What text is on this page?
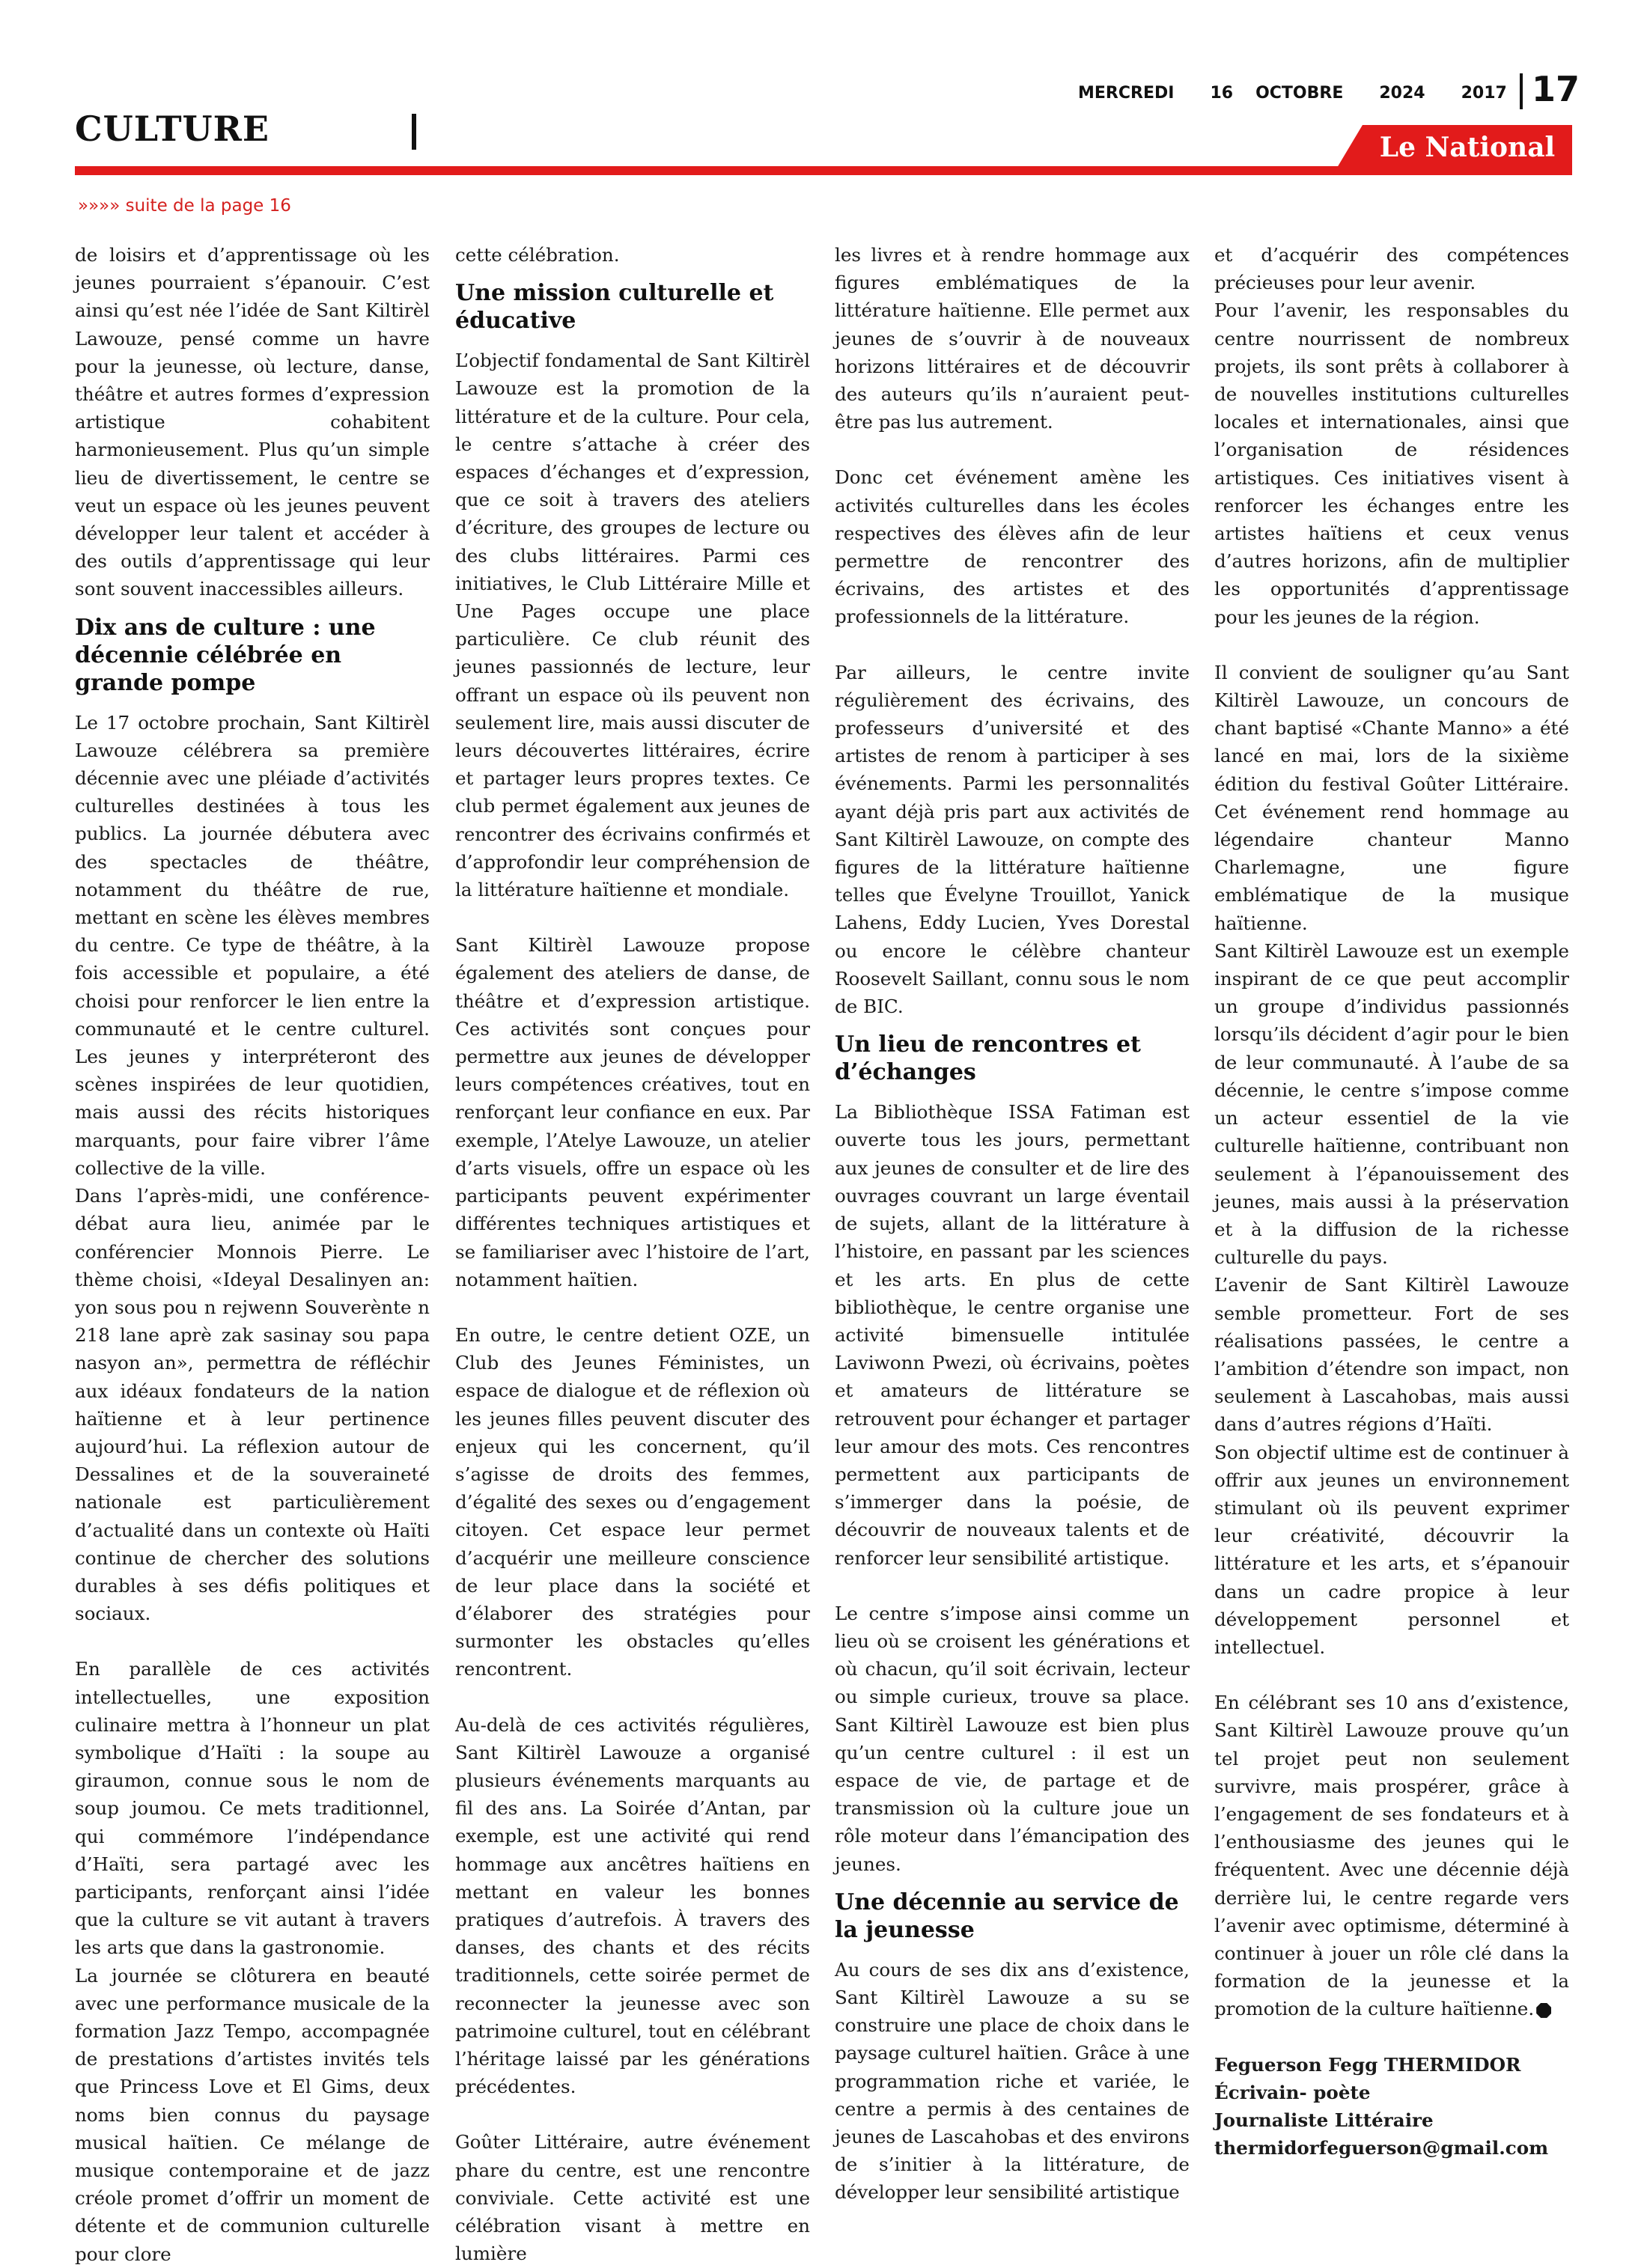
CULTURE
MERCREDI 16 OCTOBRE 2024 2017 17
Le National
»»»» suite de la page 16

de loisirs et d’apprentissage où les jeunes pourraient s’épanouir. C’est ainsi qu’est née l’idée de Sant Kiltirèl Lawouze, pensé comme un havre pour la jeunesse, où lecture, danse, théâtre et autres formes d’expression artistique cohabitent harmonieusement. Plus qu’un simple lieu de divertissement, le centre se veut un espace où les jeunes peuvent développer leur talent et accéder à des outils d’apprentissage qui leur sont souvent inaccessibles ailleurs.

Dix ans de culture : une décennie célébrée en grande pompe

Le 17 octobre prochain, Sant Kiltirèl Lawouze célébrera sa première décennie avec une pléiade d’activités culturelles destinées à tous les publics. La journée débutera avec des spectacles de théâtre, notamment du théâtre de rue, mettant en scène les élèves membres du centre. Ce type de théâtre, à la fois accessible et populaire, a été choisi pour renforcer le lien entre la communauté et le centre culturel. Les jeunes y interpréteront des scènes inspirées de leur quotidien, mais aussi des récits historiques marquants, pour faire vibrer l’âme collective de la ville.

Dans l’après-midi, une conférence-débat aura lieu, animée par le conférencier Monnois Pierre. Le thème choisi, «Ideyal Desalinyen an: yon sous pou n rejwenn Souverènte n 218 lane aprè zak sasinay sou papa nasyon an», permettra de réfléchir aux idéaux fondateurs de la nation haïtienne et à leur pertinence aujourd’hui. La réflexion autour de Dessalines et de la souveraineté nationale est particulièrement d’actualité dans un contexte où Haïti continue de chercher des solutions durables à ses défis politiques et sociaux.

En parallèle de ces activités intellectuelles, une exposition culinaire mettra à l’honneur un plat symbolique d’Haïti : la soupe au giraumon, connue sous le nom de soup joumou. Ce mets traditionnel, qui commémore l’indépendance d’Haïti, sera partagé avec les participants, renforçant ainsi l’idée que la culture se vit autant à travers les arts que dans la gastronomie.

La journée se clôturera en beauté avec une performance musicale de la formation Jazz Tempo, accompagnée de prestations d’artistes invités tels que Princess Love et El Gims, deux noms bien connus du paysage musical haïtien. Ce mélange de musique contemporaine et de jazz créole promet d’offrir un moment de détente et de communion culturelle pour clore

cette célébration.

Une mission culturelle et éducative

L’objectif fondamental de Sant Kiltirèl Lawouze est la promotion de la littérature et de la culture. Pour cela, le centre s’attache à créer des espaces d’échanges et d’expression, que ce soit à travers des ateliers d’écriture, des groupes de lecture ou des clubs littéraires. Parmi ces initiatives, le Club Littéraire Mille et Une Pages occupe une place particulière. Ce club réunit des jeunes passionnés de lecture, leur offrant un espace où ils peuvent non seulement lire, mais aussi discuter de leurs découvertes littéraires, écrire et partager leurs propres textes. Ce club permet également aux jeunes de rencontrer des écrivains confirmés et d’approfondir leur compréhension de la littérature haïtienne et mondiale.

Sant Kiltirèl Lawouze propose également des ateliers de danse, de théâtre et d’expression artistique. Ces activités sont conçues pour permettre aux jeunes de développer leurs compétences créatives, tout en renforçant leur confiance en eux. Par exemple, l’Atelye Lawouze, un atelier d’arts visuels, offre un espace où les participants peuvent expérimenter différentes techniques artistiques et se familiariser avec l’histoire de l’art, notamment haïtien.

En outre, le centre detient OZE, un Club des Jeunes Féministes, un espace de dialogue et de réflexion où les jeunes filles peuvent discuter des enjeux qui les concernent, qu’il s’agisse de droits des femmes, d’égalité des sexes ou d’engagement citoyen. Cet espace leur permet d’acquérir une meilleure conscience de leur place dans la société et d’élaborer des stratégies pour surmonter les obstacles qu’elles rencontrent.

Au-delà de ces activités régulières, Sant Kiltirèl Lawouze a organisé plusieurs événements marquants au fil des ans. La Soirée d’Antan, par exemple, est une activité qui rend hommage aux ancêtres haïtiens en mettant en valeur les bonnes pratiques d’autrefois. À travers des danses, des chants et des récits traditionnels, cette soirée permet de reconnecter la jeunesse avec son patrimoine culturel, tout en célébrant l’héritage laissé par les générations précédentes.

Goûter Littéraire, autre événement phare du centre, est une rencontre conviviale. Cette activité est une célébration visant à mettre en lumière

les livres et à rendre hommage aux figures emblématiques de la littérature haïtienne. Elle permet aux jeunes de s’ouvrir à de nouveaux horizons littéraires et de découvrir des auteurs qu’ils n’auraient peut-être pas lus autrement.

Donc cet événement amène les activités culturelles dans les écoles respectives des élèves afin de leur permettre de rencontrer des écrivains, des artistes et des professionnels de la littérature.

Par ailleurs, le centre invite régulièrement des écrivains, des professeurs d’université et des artistes de renom à participer à ses événements. Parmi les personnalités ayant déjà pris part aux activités de Sant Kiltirèl Lawouze, on compte des figures de la littérature haïtienne telles que Évelyne Trouillot, Yanick Lahens, Eddy Lucien, Yves Dorestal ou encore le célèbre chanteur Roosevelt Saillant, connu sous le nom de BIC.

Un lieu de rencontres et d’échanges

La Bibliothèque ISSA Fatiman est ouverte tous les jours, permettant aux jeunes de consulter et de lire des ouvrages couvrant un large éventail de sujets, allant de la littérature à l’histoire, en passant par les sciences et les arts. En plus de cette bibliothèque, le centre organise une activité bimensuelle intitulée Laviwonn Pwezi, où écrivains, poètes et amateurs de littérature se retrouvent pour échanger et partager leur amour des mots. Ces rencontres permettent aux participants de s’immerger dans la poésie, de découvrir de nouveaux talents et de renforcer leur sensibilité artistique.

Le centre s’impose ainsi comme un lieu où se croisent les générations et où chacun, qu’il soit écrivain, lecteur ou simple curieux, trouve sa place. Sant Kiltirèl Lawouze est bien plus qu’un centre culturel : il est un espace de vie, de partage et de transmission où la culture joue un rôle moteur dans l’émancipation des jeunes.

Une décennie au service de la jeunesse

Au cours de ses dix ans d’existence, Sant Kiltirèl Lawouze a su se construire une place de choix dans le paysage culturel haïtien. Grâce à une programmation riche et variée, le centre a permis à des centaines de jeunes de Lascahobas et des environs de s’initier à la littérature, de développer leur sensibilité artistique

et d’acquérir des compétences précieuses pour leur avenir.

Pour l’avenir, les responsables du centre nourrissent de nombreux projets, ils sont prêts à collaborer à de nouvelles institutions culturelles locales et internationales, ainsi que l’organisation de résidences artistiques. Ces initiatives visent à renforcer les échanges entre les artistes haïtiens et ceux venus d’autres horizons, afin de multiplier les opportunités d’apprentissage pour les jeunes de la région.

Il convient de souligner qu’au Sant Kiltirèl Lawouze, un concours de chant baptisé «Chante Manno» a été lancé en mai, lors de la sixième édition du festival Goûter Littéraire. Cet événement rend hommage au légendaire chanteur Manno Charlemagne, une figure emblématique de la musique haïtienne.

Sant Kiltirèl Lawouze est un exemple inspirant de ce que peut accomplir un groupe d’individus passionnés lorsqu’ils décident d’agir pour le bien de leur communauté. À l’aube de sa décennie, le centre s’impose comme un acteur essentiel de la vie culturelle haïtienne, contribuant non seulement à l’épanouissement des jeunes, mais aussi à la préservation et à la diffusion de la richesse culturelle du pays.

L’avenir de Sant Kiltirèl Lawouze semble prometteur. Fort de ses réalisations passées, le centre a l’ambition d’étendre son impact, non seulement à Lascahobas, mais aussi dans d’autres régions d’Haïti.

Son objectif ultime est de continuer à offrir aux jeunes un environnement stimulant où ils peuvent exprimer leur créativité, découvrir la littérature et les arts, et s’épanouir dans un cadre propice à leur développement personnel et intellectuel.

En célébrant ses 10 ans d’existence, Sant Kiltirèl Lawouze prouve qu’un tel projet peut non seulement survivre, mais prospérer, grâce à l’engagement de ses fondateurs et à l’enthousiasme des jeunes qui le fréquentent. Avec une décennie déjà derrière lui, le centre regarde vers l’avenir avec optimisme, déterminé à continuer à jouer un rôle clé dans la formation de la jeunesse et la promotion de la culture haïtienne.

Feguerson Fegg THERMIDOR
Écrivain- poète
Journaliste Littéraire
thermidorfeguerson@gmail.com
